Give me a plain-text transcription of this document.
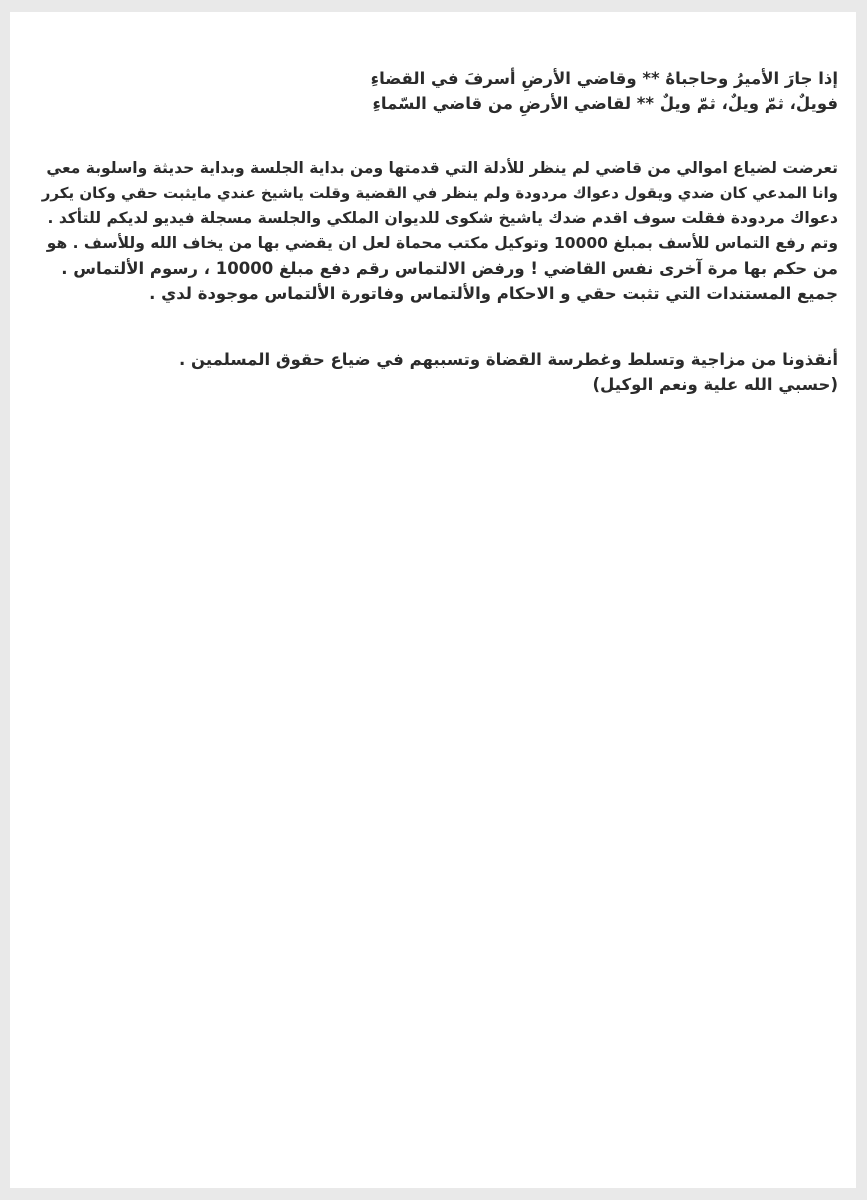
إذا جارَ الأميرُ وحاجباهُ ** وقاضي الأرضِ أسرفَ في القضاءِ
فويلٌ، ثمّ ويلٌ، ثمّ ويلٌ ** لقاضي الأرضِ من قاضي السّماءِ
تعرضت لضياع اموالي من قاضي لم ينظر للأدلة التي قدمتها ومن بداية الجلسة وبداية حديثة واسلوبة معي
وانا المدعي كان ضدي ويقول دعواك مردودة ولم ينظر في القضية وقلت ياشيخ عندي مايثبت حقي وكان يكرر
دعواك مردودة فقلت سوف اقدم ضدك ياشيخ شكوى للديوان الملكي والجلسة مسجلة فيديو لديكم للتأكد .
وتم رفع التماس للأسف بمبلغ 10000 وتوكيل مكتب محماة لعل ان يقضي بها من يخاف الله وللأسف . هو
من حكم بها مرة آخرى نفس القاضي ! ورفض الالتماس رقم دفع مبلغ 10000 ، رسوم الألتماس .
جميع المستندات التي تثبت حقي و الاحكام والألتماس وفاتورة الألتماس موجودة لدي .
أنقذونا من مزاجية وتسلط وغطرسة القضاة وتسببهم في ضياع حقوق المسلمين .
(حسبي الله علية ونعم الوكيل)
